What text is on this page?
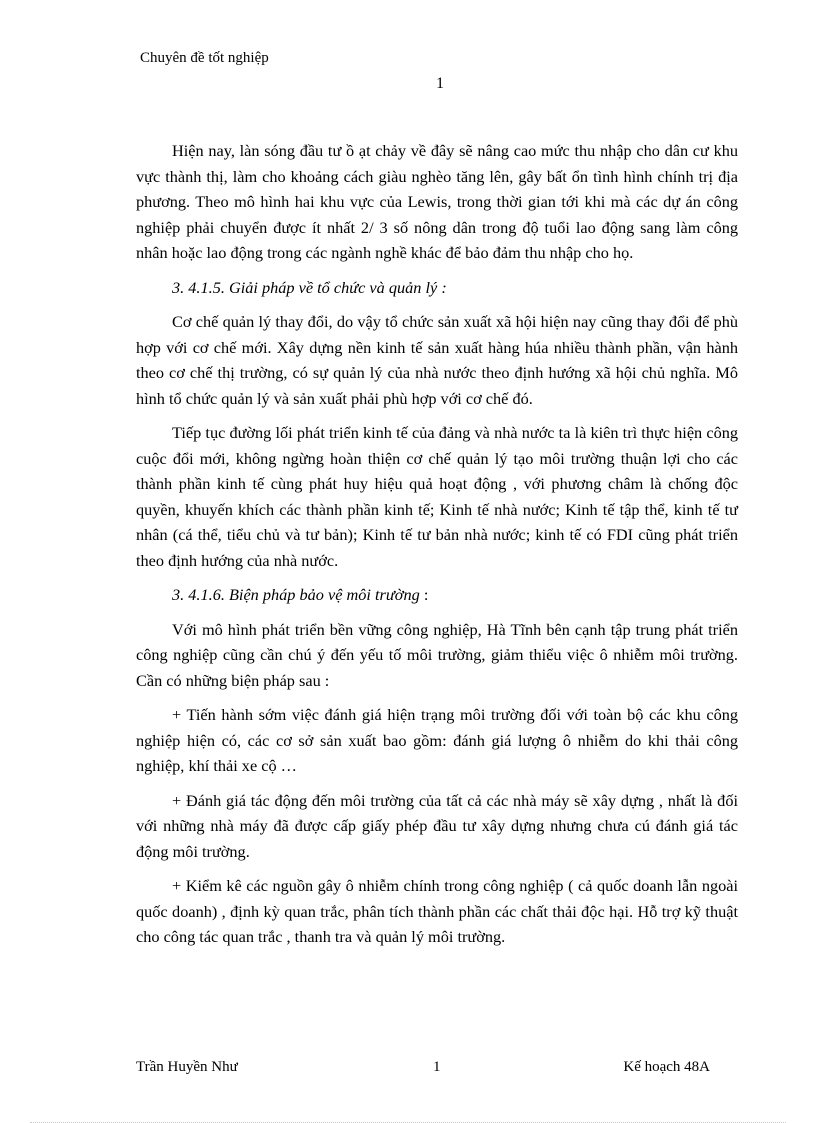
Chuyên đề tốt nghiệp
1

Hiện nay, làn sóng đầu tư ồ ạt chảy về đây sẽ nâng cao mức thu nhập cho dân cư khu vực thành thị, làm cho khoảng cách giàu nghèo tăng lên, gây bất ổn tình hình chính trị địa phương. Theo mô hình hai khu vực của Lewis, trong thời gian tới khi mà các dự án công nghiệp phải chuyển được ít nhất 2/ 3 số nông dân trong độ tuổi lao động sang làm công nhân hoặc lao động trong các ngành nghề khác để bảo đảm thu nhập cho họ.

3. 4.1.5. Giải pháp về tổ chức và quản lý :

Cơ chế quản lý thay đổi, do vậy tổ chức sản xuất xã hội hiện nay cũng thay đổi để phù hợp với cơ chế mới. Xây dựng nền kinh tế sản xuất hàng húa nhiều thành phần, vận hành theo cơ chế thị trường, có sự quản lý của nhà nước theo định hướng xã hội chủ nghĩa. Mô hình tổ chức quản lý và sản xuất phải phù hợp với cơ chế đó.

Tiếp tục đường lối phát triển kinh tế của đảng và nhà nước ta là kiên trì thực hiện công cuộc đổi mới, không ngừng hoàn thiện cơ chế quản lý tạo môi trường thuận lợi cho các thành phần kinh tế cùng phát huy hiệu quả hoạt động , với phương châm là chống độc quyền, khuyến khích các thành phần kinh tế; Kinh tế nhà nước; Kinh tế tập thể, kinh tế tư nhân (cá thể, tiểu chủ và tư bản); Kinh tế tư bản nhà nước; kinh tế có FDI cũng phát triển theo định hướng của nhà nước.

3. 4.1.6. Biện pháp bảo vệ môi trường :

Với mô hình phát triển bền vững công nghiệp, Hà Tĩnh bên cạnh tập trung phát triển công nghiệp cũng cần chú ý đến yếu tố môi trường, giảm thiểu việc ô nhiễm môi trường. Cần có những biện pháp sau :

+ Tiến hành sớm việc đánh giá hiện trạng môi trường đối với toàn bộ các khu công nghiệp hiện có, các cơ sở sản xuất bao gồm: đánh giá lượng ô nhiễm do khi thải công nghiệp, khí thải xe cộ …

+ Đánh giá tác động đến môi trường của tất cả các nhà máy sẽ xây dựng , nhất là đối với những nhà máy đã được cấp giấy phép đầu tư xây dựng nhưng chưa cú đánh giá tác động môi trường.

+ Kiểm kê các nguồn gây ô nhiễm chính trong công nghiệp ( cả quốc doanh lẫn ngoài quốc doanh) , định kỳ quan trắc, phân tích thành phần các chất thải độc hại. Hỗ trợ kỹ thuật cho công tác quan trắc , thanh tra và quản lý môi trường.

Trần Huyền Như	1	Kế hoạch 48A
